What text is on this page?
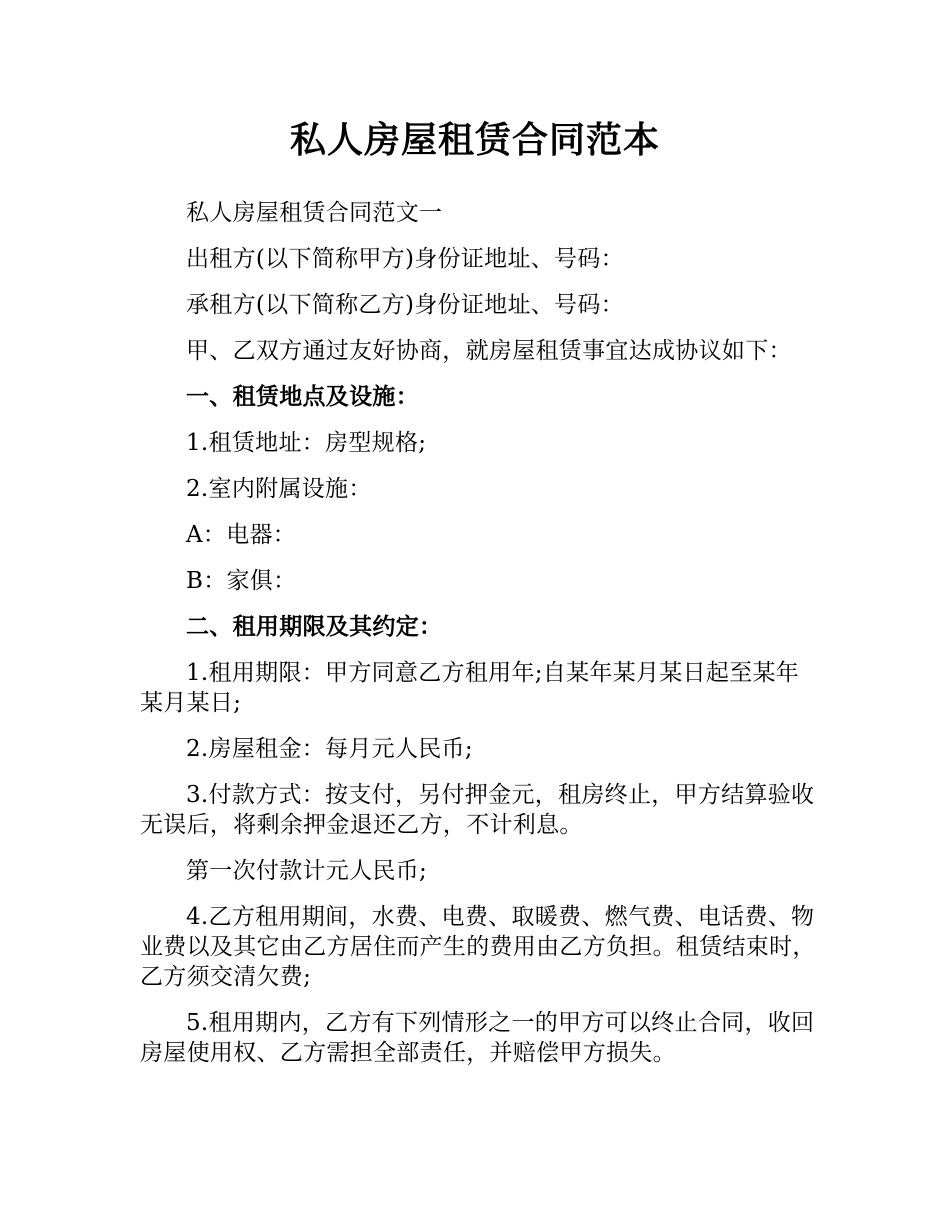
私人房屋租赁合同范本

私人房屋租赁合同范文一

出租方(以下简称甲方)身份证地址、号码：

承租方(以下简称乙方)身份证地址、号码：

甲、乙双方通过友好协商，就房屋租赁事宜达成协议如下：

一、租赁地点及设施：

1.租赁地址：房型规格;

2.室内附属设施：

A：电器：

B：家俱：

二、租用期限及其约定：

1.租用期限：甲方同意乙方租用年;自某年某月某日起至某年某月某日;

2.房屋租金：每月元人民币;

3.付款方式：按支付，另付押金元，租房终止，甲方结算验收无误后，将剩余押金退还乙方，不计利息。

第一次付款计元人民币;

4.乙方租用期间，水费、电费、取暖费、燃气费、电话费、物业费以及其它由乙方居住而产生的费用由乙方负担。租赁结束时，乙方须交清欠费;

5.租用期内，乙方有下列情形之一的甲方可以终止合同，收回房屋使用权、乙方需担全部责任，并赔偿甲方损失。
